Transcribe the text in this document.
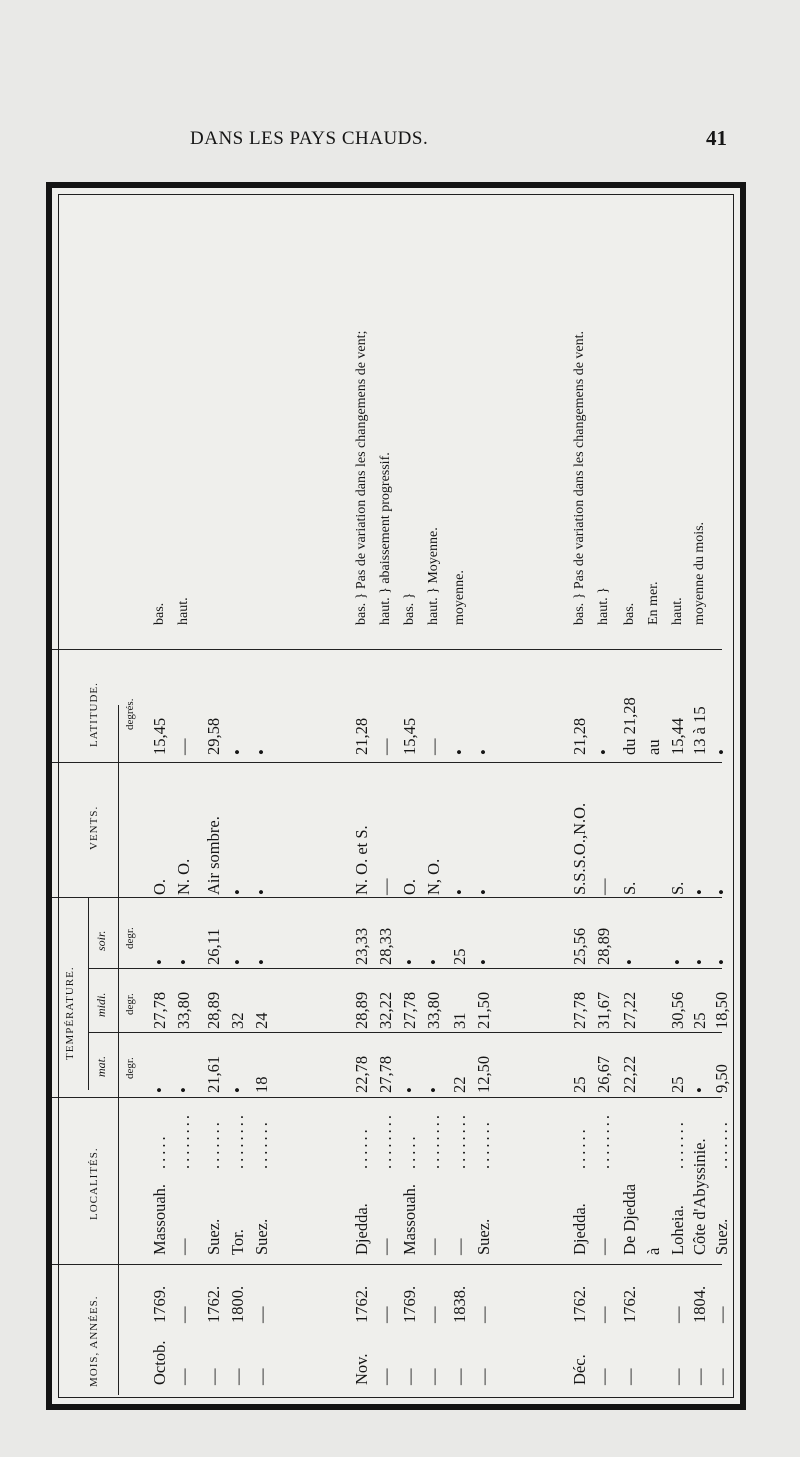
DANS LES PAYS CHAUDS.	41
MOIS, ANNÉES.
LOCALITÉS.
TEMPÉRATURE.
mat.
midi.
soir.
VENTS.
LATITUDE.
degr.
degr.
degr.
degrés.
Octob.
1769.
Massouah.
.....
•
27,78
•
O.
15,45
bas.
—
—
—
........
•
33,80
•
N. O.
—
haut.
—
1762.
Suez.
.......
21,61
28,89
26,11
Air sombre.
29,58
—
1800.
Tor.
........
•
32
•
•
•
—
—
Suez.
.......
18
24
•
•
•
Nov.
1762.
Djedda.
......
22,78
28,89
23,33
N. O. et S.
21,28
bas. } Pas de variation dans les changemens de vent;
—
—
—
........
27,78
32,22
28,33
—
—
haut. } abaissement progressif.
—
1769.
Massouah.
.....
•
27,78
•
O.
15,45
bas. }
—
—
—
........
•
33,80
•
N, O.
—
haut. } Moyenne.
—
1838.
—
........
22
31
25
•
•
moyenne.
—
—
Suez.
.......
12,50
21,50
•
•
•
Déc.
1762.
Djedda.
......
25
27,78
25,56
S.S.S.O.,N.O.
21,28
bas. } Pas de variation dans les changemens de vent.
—
—
—
........
26,67
31,67
28,89
—
•
haut. }
—
1762.
De Djedda
22,22
27,22
•
S.
du 21,28
bas.
à
au
En mer.
—
—
Loheia.
.......
25
30,56
•
S.
15,44
haut.
—
1804.
Côte d'Abyssinie.
•
25
•
•
13 à 15
moyenne du mois.
—
—
Suez.
.......
9,50
18,50
•
•
•
